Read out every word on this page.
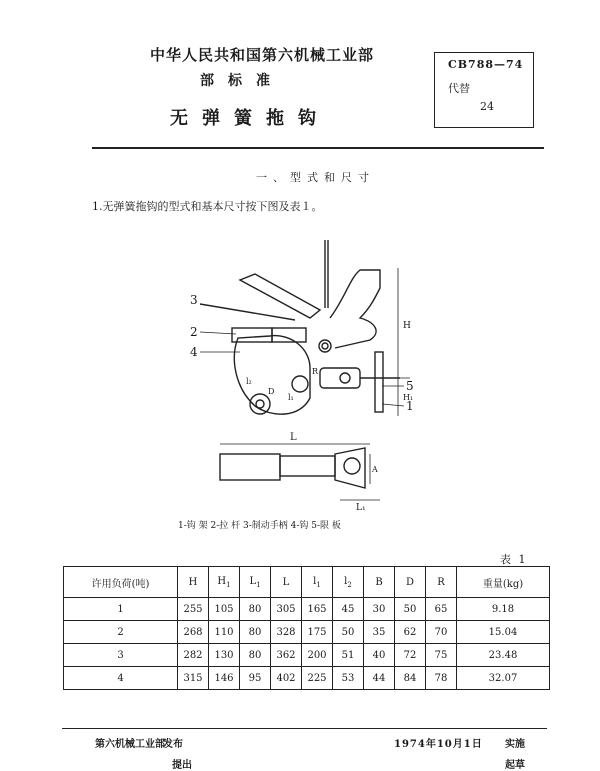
中华人民共和国第六机械工业部
部标准
无弹簧拖钩
CB788—74
代替
24
一、型式和尺寸
1.无弹簧拖钩的型式和基本尺寸按下图及表１。
3
2
4
5
1
H
H₁
L
L₁
R
A
l₁
l₂
D
1-钩 架 2-拉 杆 3-制动手柄 4-钩 5-限 板
表 1
许用负荷(吨)	H	$H_1$	$L_1$	L	$l_1$	$l_2$	B	D	R	重量(kg)
1	255	105	80	305	165	45	30	50	65	9.18
2	268	110	80	328	175	50	35	62	70	15.04
3	282	130	80	362	200	51	40	72	75	23.48
4	315	146	95	402	225	53	44	84	78	32.07
第六机械工业部
发布	1974年10月1日 实施
提出	起草
